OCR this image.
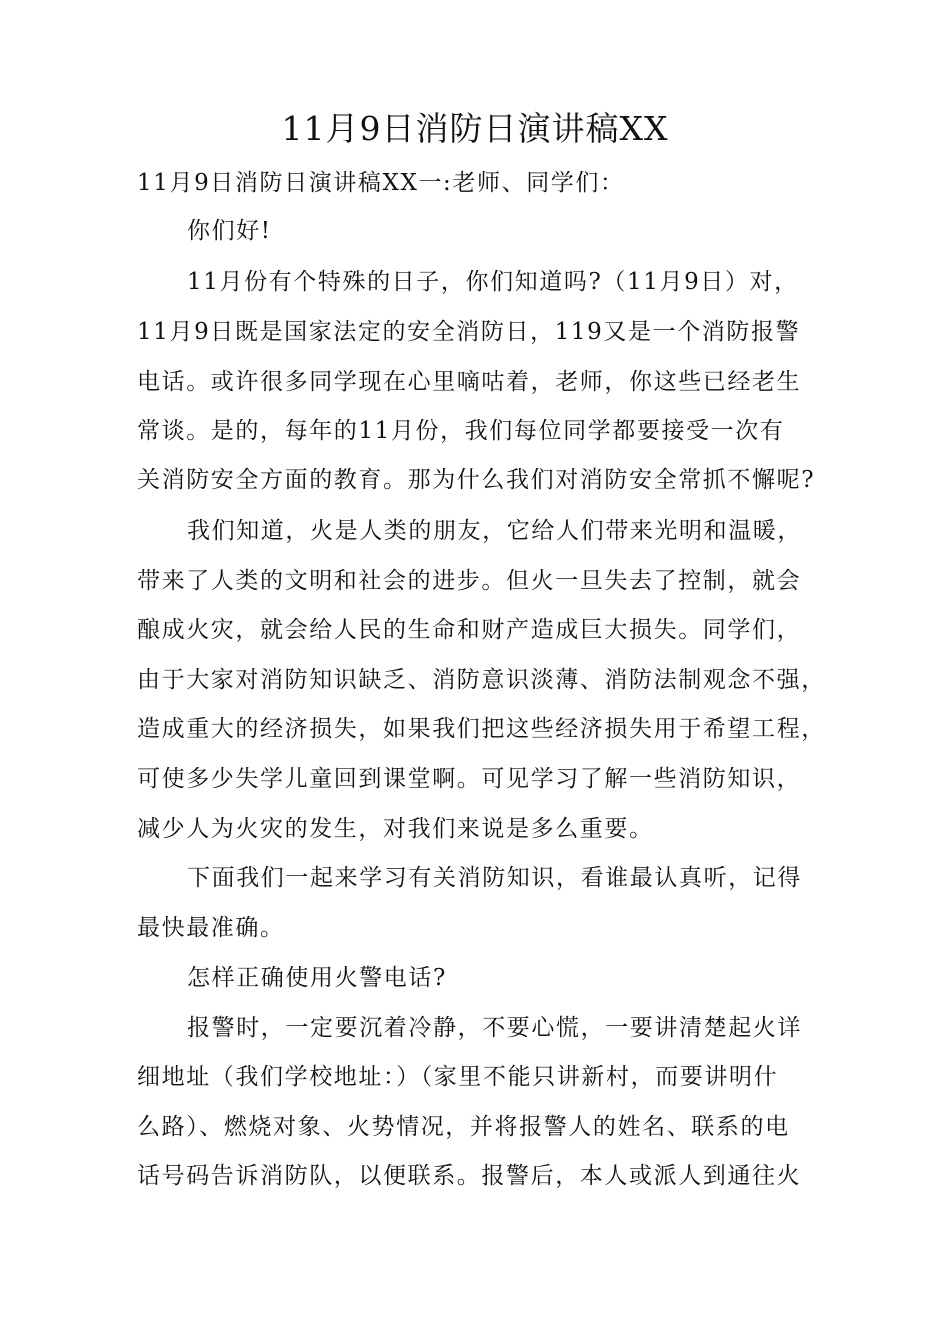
11月9日消防日演讲稿XX

11月9日消防日演讲稿XX一:老师、同学们：

你们好!

11月份有个特殊的日子，你们知道吗?（11月9日）对，

11月9日既是国家法定的安全消防日，119又是一个消防报警

电话。或许很多同学现在心里嘀咕着，老师，你这些已经老生

常谈。是的，每年的11月份，我们每位同学都要接受一次有

关消防安全方面的教育。那为什么我们对消防安全常抓不懈呢?

我们知道，火是人类的朋友，它给人们带来光明和温暖，

带来了人类的文明和社会的进步。但火一旦失去了控制，就会

酿成火灾，就会给人民的生命和财产造成巨大损失。同学们，

由于大家对消防知识缺乏、消防意识淡薄、消防法制观念不强，

造成重大的经济损失，如果我们把这些经济损失用于希望工程，

可使多少失学儿童回到课堂啊。可见学习了解一些消防知识，

减少人为火灾的发生，对我们来说是多么重要。

下面我们一起来学习有关消防知识，看谁最认真听，记得

最快最准确。

怎样正确使用火警电话?

报警时，一定要沉着冷静，不要心慌，一要讲清楚起火详

细地址（我们学校地址：）（家里不能只讲新村，而要讲明什

么路）、燃烧对象、火势情况，并将报警人的姓名、联系的电

话号码告诉消防队，以便联系。报警后，本人或派人到通往火
